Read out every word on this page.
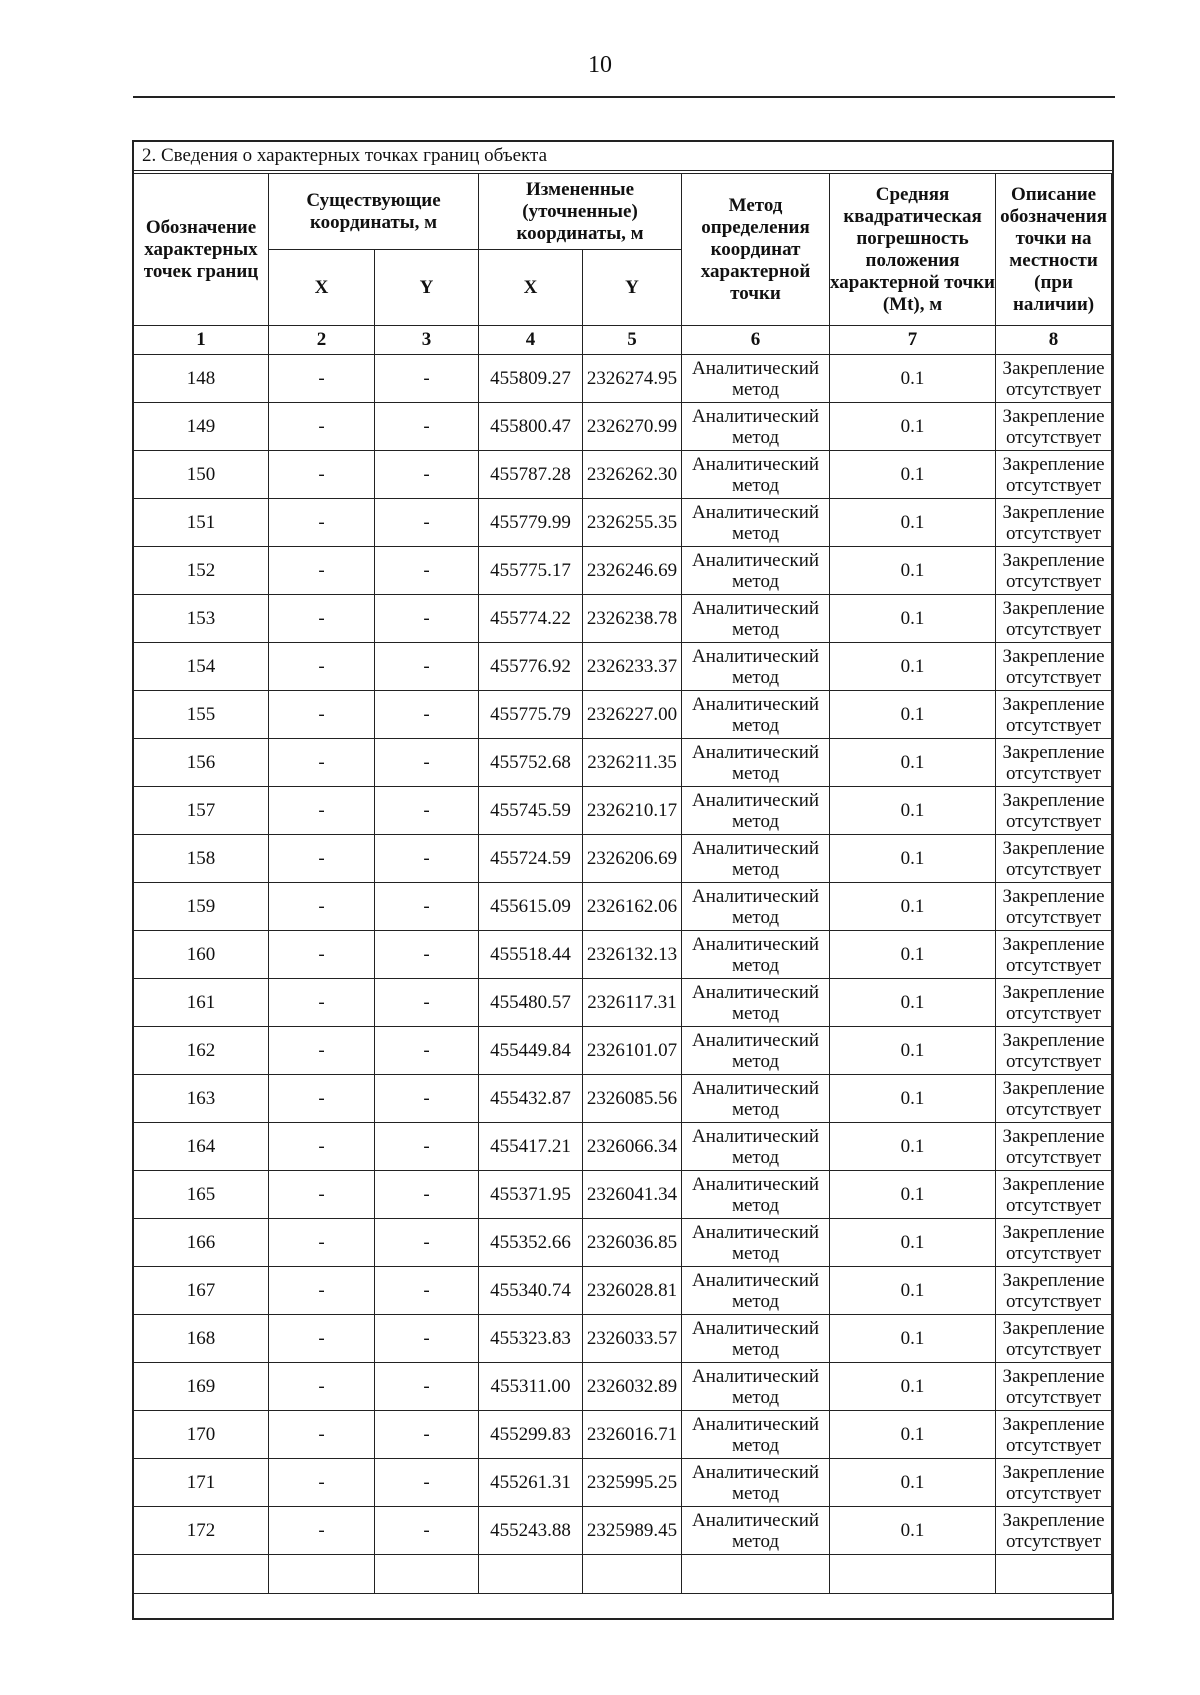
10
2. Сведения о характерных точках границ объекта
Обозначение характерных точек границ	Существующие координаты, м		Измененные (уточненные) координаты, м		Метод определения координат характерной точки	Средняя квадратическая погрешность положения характерной точки (Mt), м	Описание обозначения точки на местности (при наличии)
	X	Y	X	Y			
1	2	3	4	5	6	7	8
148	-	-	455809.27	2326274.95	Аналитический метод	0.1	Закрепление отсутствует
149	-	-	455800.47	2326270.99	Аналитический метод	0.1	Закрепление отсутствует
150	-	-	455787.28	2326262.30	Аналитический метод	0.1	Закрепление отсутствует
151	-	-	455779.99	2326255.35	Аналитический метод	0.1	Закрепление отсутствует
152	-	-	455775.17	2326246.69	Аналитический метод	0.1	Закрепление отсутствует
153	-	-	455774.22	2326238.78	Аналитический метод	0.1	Закрепление отсутствует
154	-	-	455776.92	2326233.37	Аналитический метод	0.1	Закрепление отсутствует
155	-	-	455775.79	2326227.00	Аналитический метод	0.1	Закрепление отсутствует
156	-	-	455752.68	2326211.35	Аналитический метод	0.1	Закрепление отсутствует
157	-	-	455745.59	2326210.17	Аналитический метод	0.1	Закрепление отсутствует
158	-	-	455724.59	2326206.69	Аналитический метод	0.1	Закрепление отсутствует
159	-	-	455615.09	2326162.06	Аналитический метод	0.1	Закрепление отсутствует
160	-	-	455518.44	2326132.13	Аналитический метод	0.1	Закрепление отсутствует
161	-	-	455480.57	2326117.31	Аналитический метод	0.1	Закрепление отсутствует
162	-	-	455449.84	2326101.07	Аналитический метод	0.1	Закрепление отсутствует
163	-	-	455432.87	2326085.56	Аналитический метод	0.1	Закрепление отсутствует
164	-	-	455417.21	2326066.34	Аналитический метод	0.1	Закрепление отсутствует
165	-	-	455371.95	2326041.34	Аналитический метод	0.1	Закрепление отсутствует
166	-	-	455352.66	2326036.85	Аналитический метод	0.1	Закрепление отсутствует
167	-	-	455340.74	2326028.81	Аналитический метод	0.1	Закрепление отсутствует
168	-	-	455323.83	2326033.57	Аналитический метод	0.1	Закрепление отсутствует
169	-	-	455311.00	2326032.89	Аналитический метод	0.1	Закрепление отсутствует
170	-	-	455299.83	2326016.71	Аналитический метод	0.1	Закрепление отсутствует
171	-	-	455261.31	2325995.25	Аналитический метод	0.1	Закрепление отсутствует
172	-	-	455243.88	2325989.45	Аналитический метод	0.1	Закрепление отсутствует
